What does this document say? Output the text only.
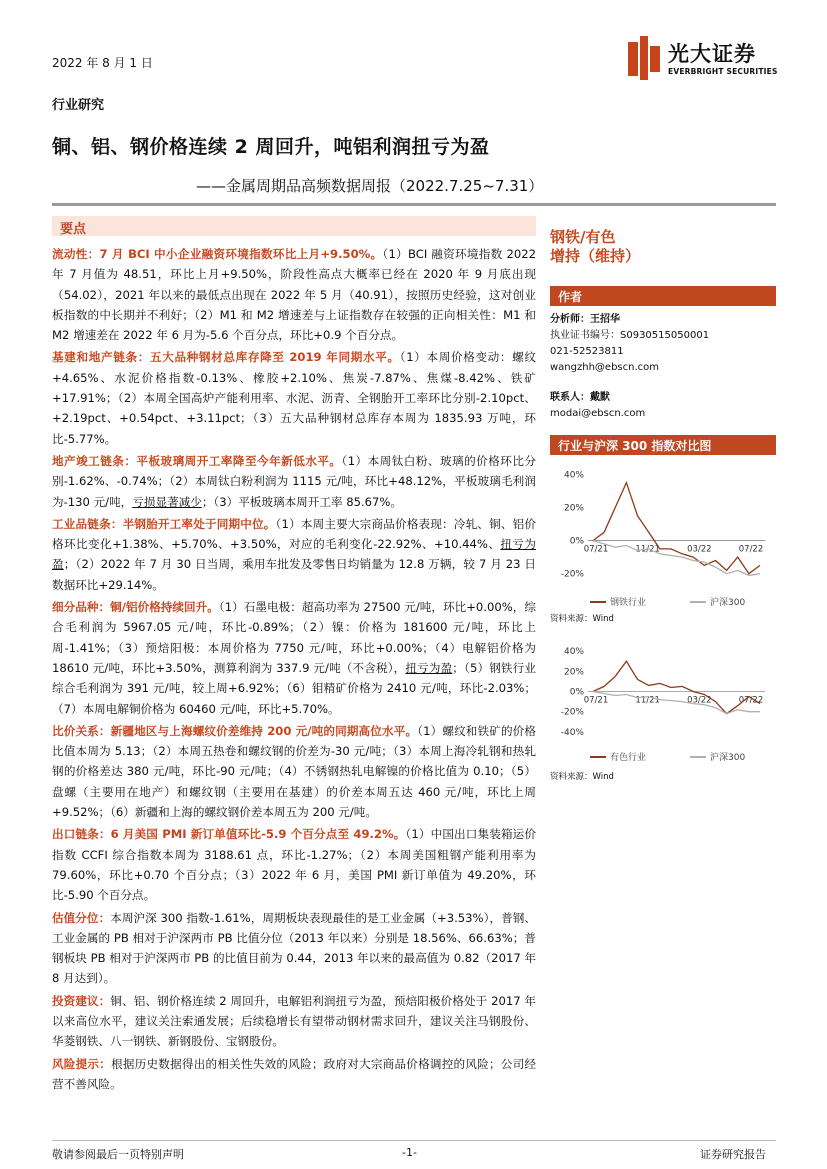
2022 年 8 月 1 日	光大证券
EVERBRIGHT SECURITIES
行业研究
铜、铝、钢价格连续 2 周回升，吨铝利润扭亏为盈
——金属周期品高频数据周报（2022.7.25~7.31）
要点

流动性：7 月 BCI 中小企业融资环境指数环比上月+9.50%。（1）BCI 融资环境指数 2022 年 7 月值为 48.51，环比上月+9.50%，阶段性高点大概率已经在 2020 年 9 月底出现（54.02），2021 年以来的最低点出现在 2022 年 5 月（40.91），按照历史经验，这对创业板指数的中长期并不利好；（2）M1 和 M2 增速差与上证指数存在较强的正向相关性：M1 和 M2 增速差在 2022 年 6 月为-5.6 个百分点，环比+0.9 个百分点。

基建和地产链条：五大品种钢材总库存降至 2019 年同期水平。（1）本周价格变动：螺纹+4.65%、水泥价格指数-0.13%、橡胶+2.10%、焦炭-7.87%、焦煤-8.42%、铁矿+17.91%；（2）本周全国高炉产能利用率、水泥、沥青、全钢胎开工率环比分别-2.10pct、+2.19pct、+0.54pct、+3.11pct；（3）五大品种钢材总库存本周为 1835.93 万吨，环比-5.77%。

地产竣工链条：平板玻璃周开工率降至今年新低水平。（1）本周钛白粉、玻璃的价格环比分别-1.62%、-0.74%；（2）本周钛白粉利润为 1115 元/吨，环比+48.12%，平板玻璃毛利润为-130 元/吨，亏损显著减少；（3）平板玻璃本周开工率 85.67%。

工业品链条：半钢胎开工率处于同期中位。（1）本周主要大宗商品价格表现：冷轧、铜、铝价格环比变化+1.38%、+5.70%、+3.50%，对应的毛利变化-22.92%、+10.44%、扭亏为盈；（2）2022 年 7 月 30 日当周，乘用车批发及零售日均销量为 12.8 万辆，较 7 月 23 日数据环比+29.14%。

细分品种：铜/铝价格持续回升。（1）石墨电极：超高功率为 27500 元/吨，环比+0.00%，综合毛利润为 5967.05 元/吨，环比-0.89%；（2）镍：价格为 181600 元/吨，环比上周-1.41%；（3）预焙阳极：本周价格为 7750 元/吨，环比+0.00%；（4）电解铝价格为 18610 元/吨，环比+3.50%，测算利润为 337.9 元/吨（不含税），扭亏为盈；（5）钢铁行业综合毛利润为 391 元/吨，较上周+6.92%；（6）钼精矿价格为 2410 元/吨，环比-2.03%；（7）本周电解铜价格为 60460 元/吨，环比+5.70%。

比价关系：新疆地区与上海螺纹价差维持 200 元/吨的同期高位水平。（1）螺纹和铁矿的价格比值本周为 5.13；（2）本周五热卷和螺纹钢的价差为-30 元/吨；（3）本周上海冷轧钢和热轧钢的价格差达 380 元/吨，环比-90 元/吨；（4）不锈钢热轧电解镍的价格比值为 0.10；（5）盘螺（主要用在地产）和螺纹钢（主要用在基建）的价差本周五达 460 元/吨，环比上周+9.52%；（6）新疆和上海的螺纹钢价差本周五为 200 元/吨。

出口链条：6 月美国 PMI 新订单值环比-5.9 个百分点至 49.2%。（1）中国出口集装箱运价指数 CCFI 综合指数本周为 3188.61 点，环比-1.27%；（2）本周美国粗钢产能利用率为 79.60%，环比+0.70 个百分点；（3）2022 年 6 月，美国 PMI 新订单值为 49.20%，环比-5.90 个百分点。

估值分位：本周沪深 300 指数-1.61%，周期板块表现最佳的是工业金属（+3.53%），普钢、工业金属的 PB 相对于沪深两市 PB 比值分位（2013 年以来）分别是 18.56%、66.63%；普钢板块 PB 相对于沪深两市 PB 的比值目前为 0.44，2013 年以来的最高值为 0.82（2017 年 8 月达到）。

投资建议：铜、铝、钢价格连续 2 周回升，电解铝利润扭亏为盈，预焙阳极价格处于 2017 年以来高位水平，建议关注索通发展；后续稳增长有望带动钢材需求回升，建议关注马钢股份、华菱钢铁、八一钢铁、新钢股份、宝钢股份。

风险提示：根据历史数据得出的相关性失效的风险；政府对大宗商品价格调控的风险；公司经营不善风险。

钢铁/有色
增持（维持）
作者
分析师：王招华
执业证书编号：S0930515050001
021-52523811
wangzhh@ebscn.com
联系人：戴默
modai@ebscn.com
行业与沪深 300 指数对比图
40%
20%
0%
-20%
07/21	11/21	03/22	07/22
钢铁行业	沪深300
资料来源：Wind
40%
20%
0%
-20%
-40%
07/21	11/21	03/22	07/22
有色行业	沪深300
资料来源：Wind
敬请参阅最后一页特别声明	-1-	证券研究报告
